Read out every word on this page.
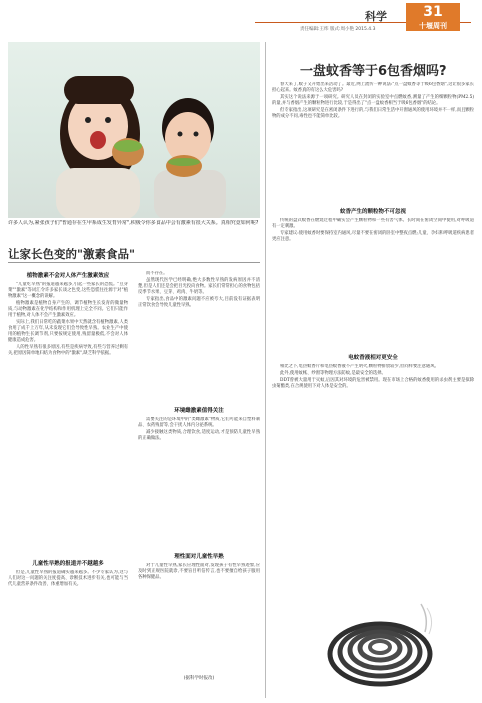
科学	31
十堰周刊
责任编辑:王纬 版式:周小艳 2015.4.3
许多人认为,紧张孩子们"普通存在生甲系成生发育异常",积极令你多食品中会有激素有很大关系。真相究竟如何呢?
让家长色变的"激素食品"
植物激素不会对人体产生激素效应

"儿童吃早熟"的报道越来越多,引起一些家长的恐慌。"豆芽菜""激素"等词汇令许多家长谈之色变,这些恐慌往往源于对"植物激素"这一概念的误解。

植物激素是植物自身产生的、调节植物生长发育的微量物质,与动物激素在化学结构和作用机理上完全不同。它们只能作用于植物,对人体不会产生激素效应。

实际上,我们日常吃的蔬菜水果中天然就含有植物激素,人类食用了成千上万年,从未发现它们会导致性早熟。农业生产中使用的植物生长调节剂,只要按规定使用,残留量极低,不会对人体健康造成危害。

人的性早熟有很多原因,有些是疾病导致,有些与营养过剩有关,把原因简单地归结为食物中的"激素",缺乏科学依据。

儿童性早熟的报道并不越越多

但是,儿童性早熟的报道确实越来越多。不少专家认为,这与人们对这一问题的关注度提高、诊断技术进步有关,也可能与当代儿童营养条件改善、体重增加有关。

而不存在。

虽然现代医学已经明确,绝大多数性早熟的发病原因并不清楚,但是人们还是会把目光投向食物。家长们常常担心的食物包括反季节水果、豆芽、鸡肉、牛奶等。

专家指出,食品中的激素问题不应被夸大,目前没有证据表明正常饮食会导致儿童性早熟。

环境雌激素值得关注

需要关注的是环境中的"类雌激素"物质,它们可能来自塑料制品、农药残留等,会干扰人体内分泌系统。

减少接触这类物质,合理饮食,适度运动,才是预防儿童性早熟的正确做法。

理性面对儿童性早熟

对于儿童性早熟,家长应理性面对,发现孩子有性早熟迹象,应及时到正规医院就诊,不要盲目听信传言,也不要擅自给孩子服用各种保健品。

(据科学时报改)
一盘蚊香等于6包香烟吗?

春天来了,蚊子又开始出来活动了。最近,网上流传一种说法:"点一盘蚊香等于吸6包香烟",这让很多家长担心起来。蚊香真的有这么大危害吗?

其实这个说法来源于一项研究。研究人员在封闭的实验室中点燃蚊香,测量了产生的细颗粒物(PM2.5)的量,并与香烟产生的颗粒物进行比较,于是得出了"点一盘蚊香相当于吸6包香烟"的结论。

但专家指出,这项研究是在密闭条件下进行的,与我们日常生活中开窗通风的使用环境并不一样,而且颗粒物的成分不同,毒性也不能简单比较。

蚊香产生的颗粒物不可忽视

传统的盘式蚊香在燃烧过程中确实会产生颗粒物和一些有害气体。长时间在密闭空间中使用,对呼吸道有一定刺激。

专家建议:使用蚊香时要保持室内通风,尽量不要在密闭的卧室中整夜点燃;儿童、孕妇和呼吸道疾病患者更应注意。

电蚊香液相对更安全

相比之下,电热蚊香片和电热蚊香液不产生明火,颗粒物排放较少,但同样要注意通风。

此外,使用蚊帐、纱窗等物理方法防蚊,是最安全的选择。

DDT曾被大量用于灭蚊,后因其对环境的危害被禁用。现在市场上合格的蚊香使用的杀虫剂主要是拟除虫菊酯类,在合规使用下对人体是安全的。
